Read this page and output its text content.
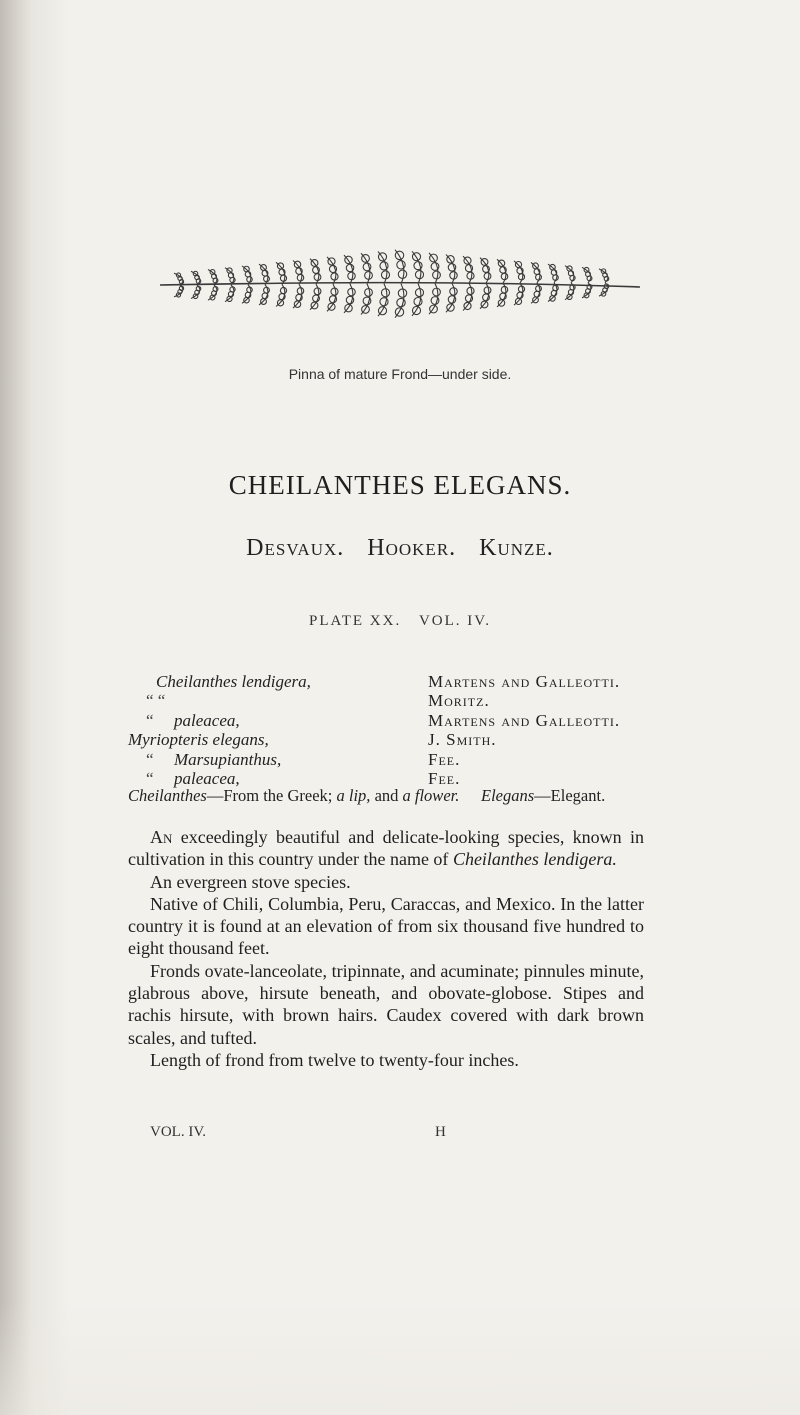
Pinna of mature Frond—under side.
CHEILANTHES ELEGANS.
Desvaux. Hooker. Kunze.
PLATE XX. VOL. IV.
Cheilanthes lendigera,	Martens and Galleotti.
“ “	Moritz.
“ paleacea,	Martens and Galleotti.
Myriopteris elegans,	J. Smith.
“ Marsupianthus,	Fee.
“ paleacea,	Fee.
Cheilanthes—From the Greek; a lip, and a flower. Elegans—Elegant.

An exceedingly beautiful and delicate-looking species, known in cultivation in this country under the name of Cheilanthes lendigera.

An evergreen stove species.

Native of Chili, Columbia, Peru, Caraccas, and Mexico. In the latter country it is found at an elevation of from six thousand five hundred to eight thousand feet.

Fronds ovate-lanceolate, tripinnate, and acuminate; pinnules minute, glabrous above, hirsute beneath, and obovate-globose. Stipes and rachis hirsute, with brown hairs. Caudex covered with dark brown scales, and tufted.

Length of frond from twelve to twenty-four inches.

VOL. IV.	H
